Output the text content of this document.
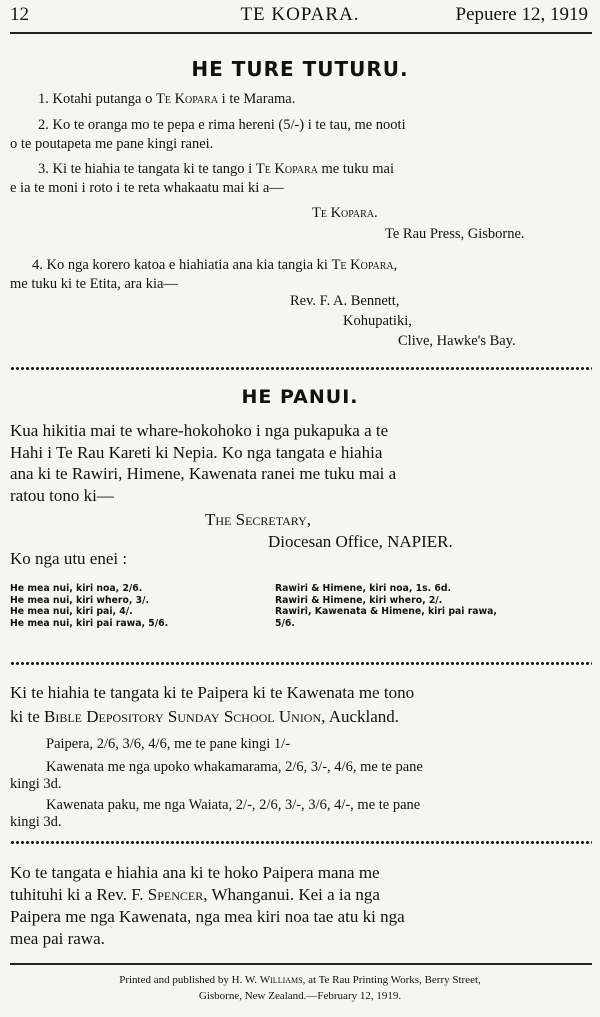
12	TE KOPARA.	Pepuere 12, 1919
HE TURE TUTURU.
1. Kotahi putanga o Te Kopara i te Marama.
2. Ko te oranga mo te pepa e rima hereni (5/-) i te tau, me nooti
o te poutapeta me pane kingi ranei.
3. Ki te hiahia te tangata ki te tango i Te Kopara me tuku mai
e ia te moni i roto i te reta whakaatu mai ki a—
Te Kopara.
Te Rau Press, Gisborne.
4. Ko nga korero katoa e hiahiatia ana kia tangia ki Te Kopara,
me tuku ki te Etita, ara kia—
Rev. F. A. Bennett,
Kohupatiki,
Clive, Hawke's Bay.
HE PANUI.
Kua hikitia mai te whare-hokohoko i nga pukapuka a te
Hahi i Te Rau Kareti ki Nepia. Ko nga tangata e hiahia
ana ki te Rawiri, Himene, Kawenata ranei me tuku mai a
ratou tono ki—
The Secretary,
Diocesan Office, NAPIER.
Ko nga utu enei :
He mea nui, kiri noa, 2/6.
He mea nui, kiri whero, 3/.
He mea nui, kiri pai, 4/.
He mea nui, kiri pai rawa, 5/6.
Rawiri & Himene, kiri noa, 1s. 6d.
Rawiri & Himene, kiri whero, 2/.
Rawiri, Kawenata & Himene, kiri pai rawa,
5/6.
Ki te hiahia te tangata ki te Paipera ki te Kawenata me tono
ki te Bible Depository Sunday School Union, Auckland.
Paipera, 2/6, 3/6, 4/6, me te pane kingi 1/-
Kawenata me nga upoko whakamarama, 2/6, 3/-, 4/6, me te pane
kingi 3d.
Kawenata paku, me nga Waiata, 2/-, 2/6, 3/-, 3/6, 4/-, me te pane
kingi 3d.
Ko te tangata e hiahia ana ki te hoko Paipera mana me
tuhituhi ki a Rev. F. Spencer, Whanganui. Kei a ia nga
Paipera me nga Kawenata, nga mea kiri noa tae atu ki nga
mea pai rawa.
Printed and published by H. W. Williams, at Te Rau Printing Works, Berry Street,
Gisborne, New Zealand.—February 12, 1919.
